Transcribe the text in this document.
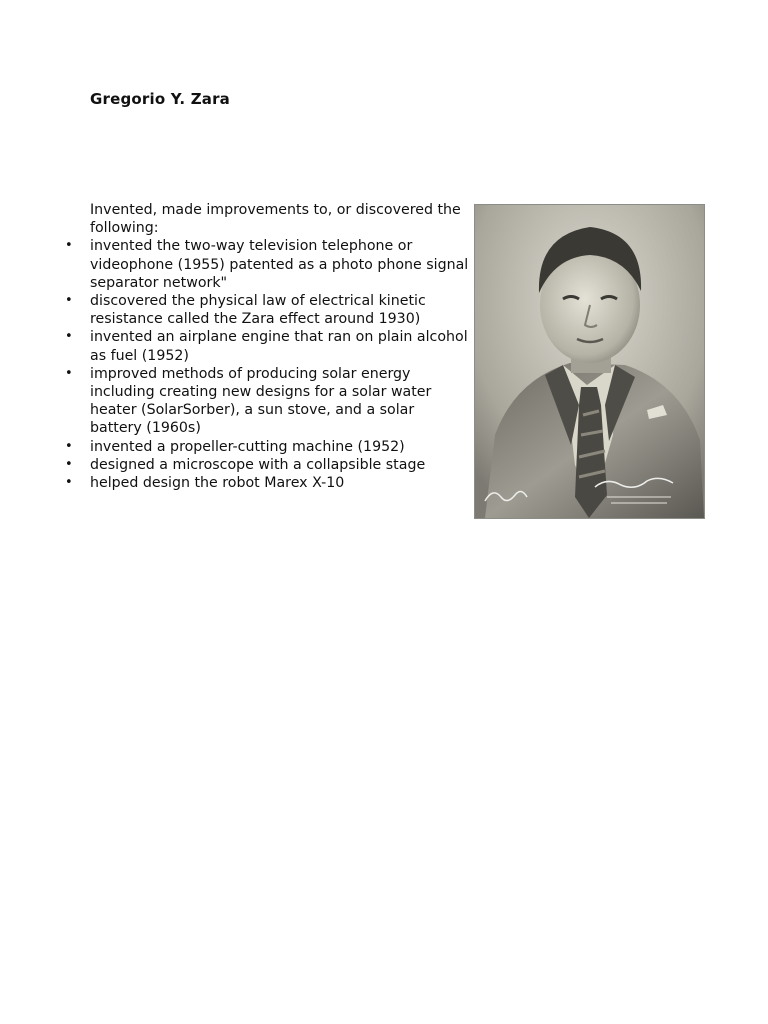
Gregorio Y. Zara

Invented, made improvements to, or discovered the following:

• invented the two-way television telephone or videophone (1955) patented as a photo phone signal separator network"
• discovered the physical law of electrical kinetic resistance called the Zara effect around 1930)
• invented an airplane engine that ran on plain alcohol as fuel (1952)
• improved methods of producing solar energy including creating new designs for a solar water heater (SolarSorber), a sun stove, and a solar battery (1960s)
• invented a propeller-cutting machine (1952)
• designed a microscope with a collapsible stage
• helped design the robot Marex X-10
